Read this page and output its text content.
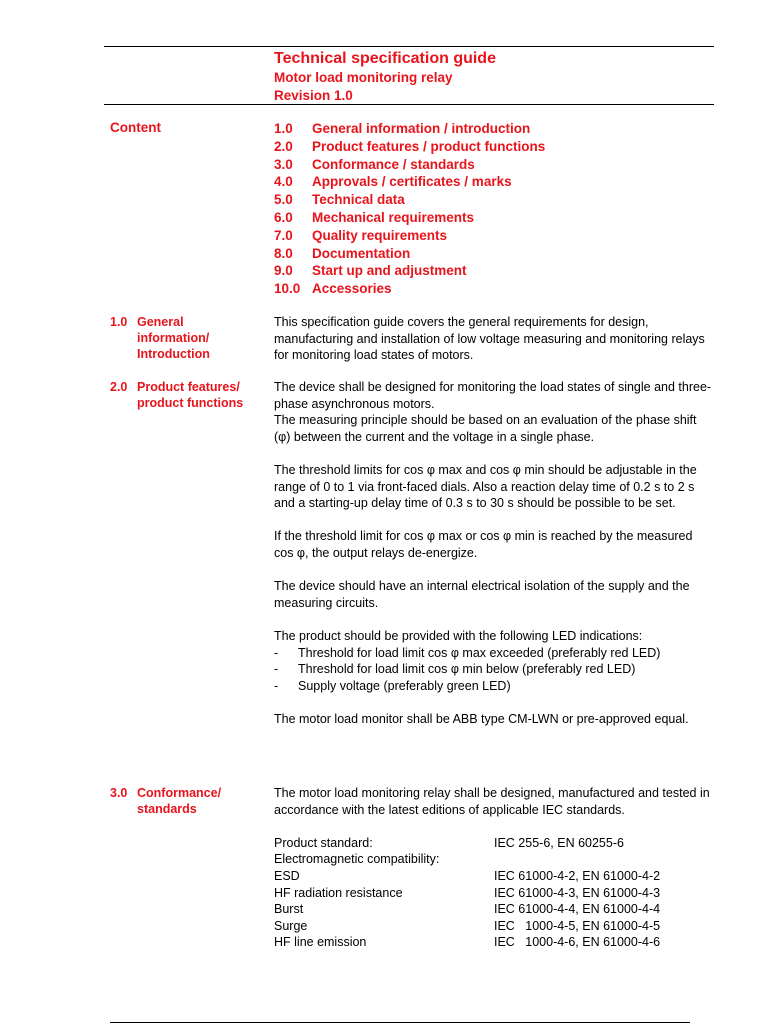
Technical specification guide
Motor load monitoring relay
Revision 1.0
Content	1.0 General information / introduction
2.0 Product features / product functions
3.0 Conformance / standards
4.0 Approvals / certificates / marks
5.0 Technical data
6.0 Mechanical requirements
7.0 Quality requirements
8.0 Documentation
9.0 Start up and adjustment
10.0 Accessories
1.0 General
information/
Introduction

This specification guide covers the general requirements for design, manufacturing and installation of low voltage measuring and monitoring relays for monitoring load states of motors.

2.0 Product features/
product functions

The device shall be designed for monitoring the load states of single and three-phase asynchronous motors.

The measuring principle should be based on an evaluation of the phase shift (φ) between the current and the voltage in a single phase.

The threshold limits for cos φ max and cos φ min should be adjustable in the range of 0 to 1 via front-faced dials. Also a reaction delay time of 0.2 s to 2 s and a starting-up delay time of 0.3 s to 30 s should be possible to be set.

If the threshold limit for cos φ max or cos φ min is reached by the measured cos φ, the output relays de-energize.

The device should have an internal electrical isolation of the supply and the measuring circuits.

The product should be provided with the following LED indications:

- Threshold for load limit cos φ max exceeded (preferably red LED)
- Threshold for load limit cos φ min below (preferably red LED)
- Supply voltage (preferably green LED)

The motor load monitor shall be ABB type CM-LWN or pre-approved equal.

3.0 Conformance/
standards

The motor load monitoring relay shall be designed, manufactured and tested in accordance with the latest editions of applicable IEC standards.

Product standard:	IEC 255-6, EN 60255-6
Electromagnetic compatibility:	
ESD	IEC 61000-4-2, EN 61000-4-2
HF radiation resistance	IEC 61000-4-3, EN 61000-4-3
Burst	IEC 61000-4-4, EN 61000-4-4
Surge	IEC   1000-4-5, EN 61000-4-5
HF line emission	IEC   1000-4-6, EN 61000-4-6
